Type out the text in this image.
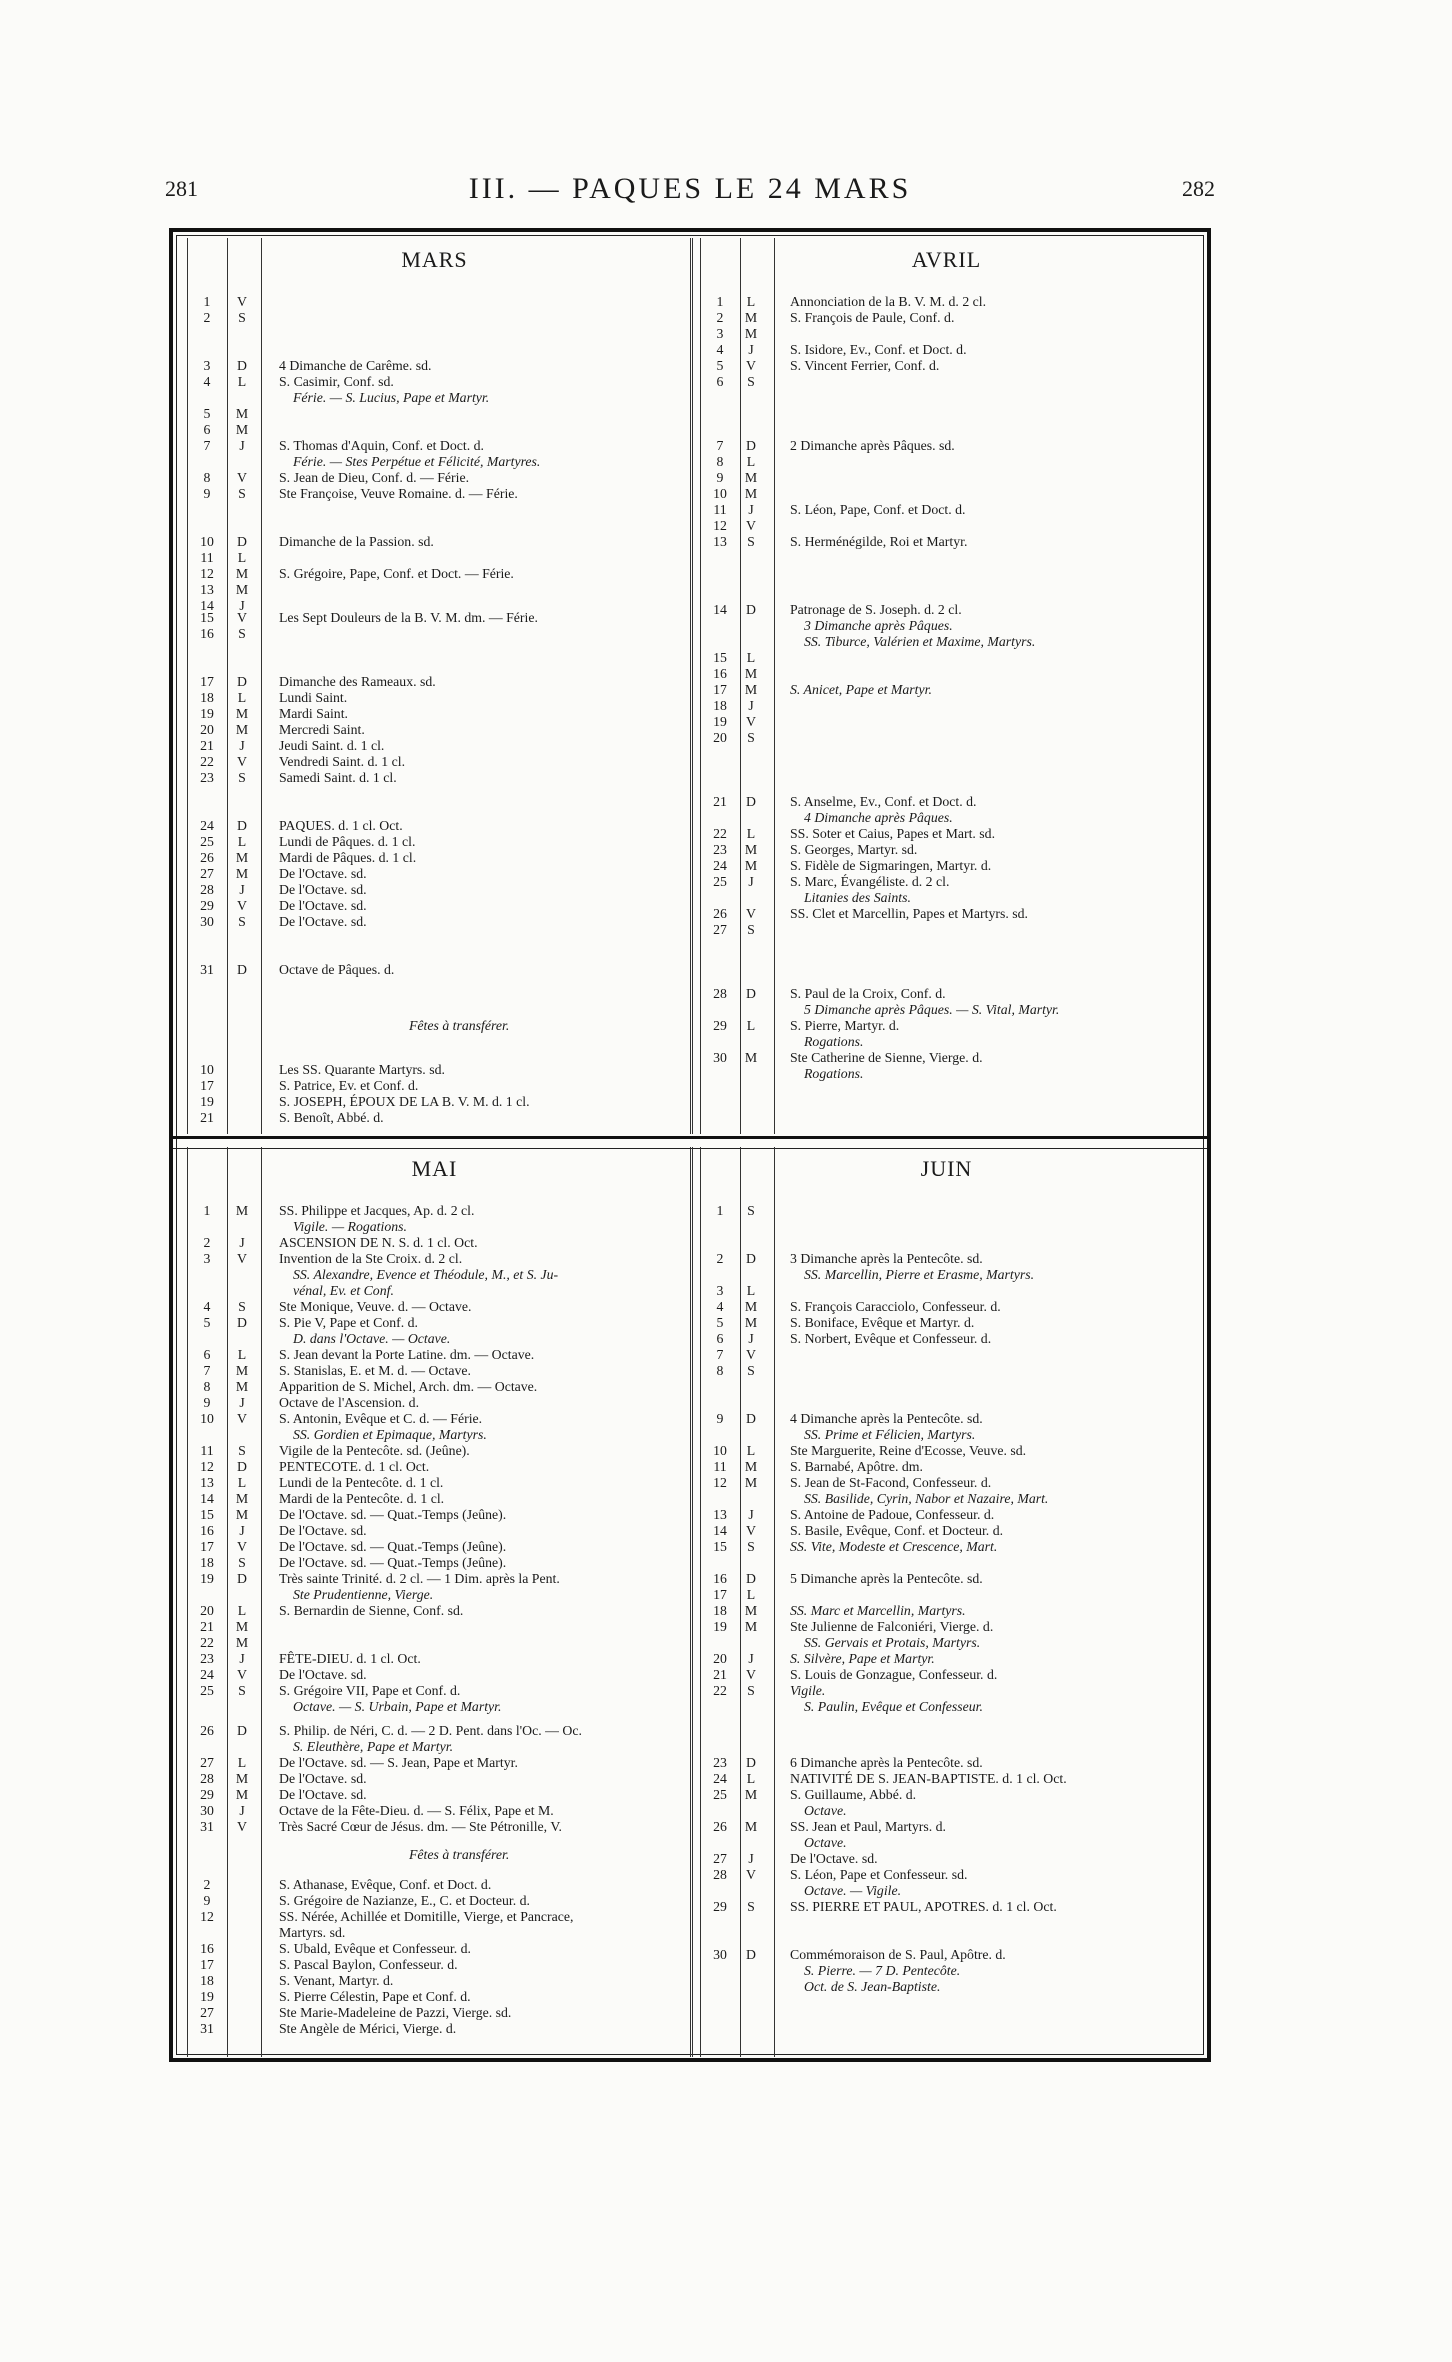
281	III. — PAQUES LE 24 MARS	282
MARS
Fêtes à transférer.
1	V
2	S
3	D	4 Dimanche de Carême. sd.
4	L	S. Casimir, Conf. sd.
Férie. — S. Lucius, Pape et Martyr.
5	M
6	M
7	J	S. Thomas d'Aquin, Conf. et Doct. d.
Férie. — Stes Perpétue et Félicité, Martyres.
8	V	S. Jean de Dieu, Conf. d. — Férie.
9	S	Ste Françoise, Veuve Romaine. d. — Férie.
10	D	Dimanche de la Passion. sd.
11	L
12	M	S. Grégoire, Pape, Conf. et Doct. — Férie.
13	M
14	J
15	V	Les Sept Douleurs de la B. V. M. dm. — Férie.
16	S
17	D	Dimanche des Rameaux. sd.
18	L	Lundi Saint.
19	M	Mardi Saint.
20	M	Mercredi Saint.
21	J	Jeudi Saint. d. 1 cl.
22	V	Vendredi Saint. d. 1 cl.
23	S	Samedi Saint. d. 1 cl.
24	D	PAQUES. d. 1 cl. Oct.
25	L	Lundi de Pâques. d. 1 cl.
26	M	Mardi de Pâques. d. 1 cl.
27	M	De l'Octave. sd.
28	J	De l'Octave. sd.
29	V	De l'Octave. sd.
30	S	De l'Octave. sd.
31	D	Octave de Pâques. d.
10	Les SS. Quarante Martyrs. sd.
17	S. Patrice, Ev. et Conf. d.
19	S. JOSEPH, ÉPOUX DE LA B. V. M. d. 1 cl.
21	S. Benoît, Abbé. d.
AVRIL
1	L	Annonciation de la B. V. M. d. 2 cl.
2	M	S. François de Paule, Conf. d.
3	M
4	J	S. Isidore, Ev., Conf. et Doct. d.
5	V	S. Vincent Ferrier, Conf. d.
6	S
7	D	2 Dimanche après Pâques. sd.
8	L
9	M
10	M
11	J	S. Léon, Pape, Conf. et Doct. d.
12	V
13	S	S. Herménégilde, Roi et Martyr.
14	D	Patronage de S. Joseph. d. 2 cl.
3 Dimanche après Pâques.
SS. Tiburce, Valérien et Maxime, Martyrs.
15	L
16	M
17	M	S. Anicet, Pape et Martyr.
18	J
19	V
20	S
21	D	S. Anselme, Ev., Conf. et Doct. d.
4 Dimanche après Pâques.
22	L	SS. Soter et Caius, Papes et Mart. sd.
23	M	S. Georges, Martyr. sd.
24	M	S. Fidèle de Sigmaringen, Martyr. d.
25	J	S. Marc, Évangéliste. d. 2 cl.
Litanies des Saints.
26	V	SS. Clet et Marcellin, Papes et Martyrs. sd.
27	S
28	D	S. Paul de la Croix, Conf. d.
5 Dimanche après Pâques. — S. Vital, Martyr.
29	L	S. Pierre, Martyr. d.
Rogations.
30	M	Ste Catherine de Sienne, Vierge. d.
Rogations.
MAI
Fêtes à transférer.
1	M	SS. Philippe et Jacques, Ap. d. 2 cl.
Vigile. — Rogations.
2	J	ASCENSION DE N. S. d. 1 cl. Oct.
3	V	Invention de la Ste Croix. d. 2 cl.
SS. Alexandre, Evence et Théodule, M., et S. Ju-
vénal, Ev. et Conf.
4	S	Ste Monique, Veuve. d. — Octave.
5	D	S. Pie V, Pape et Conf. d.
D. dans l'Octave. — Octave.
6	L	S. Jean devant la Porte Latine. dm. — Octave.
7	M	S. Stanislas, E. et M. d. — Octave.
8	M	Apparition de S. Michel, Arch. dm. — Octave.
9	J	Octave de l'Ascension. d.
10	V	S. Antonin, Evêque et C. d. — Férie.
SS. Gordien et Epimaque, Martyrs.
11	S	Vigile de la Pentecôte. sd. (Jeûne).
12	D	PENTECOTE. d. 1 cl. Oct.
13	L	Lundi de la Pentecôte. d. 1 cl.
14	M	Mardi de la Pentecôte. d. 1 cl.
15	M	De l'Octave. sd. — Quat.-Temps (Jeûne).
16	J	De l'Octave. sd.
17	V	De l'Octave. sd. — Quat.-Temps (Jeûne).
18	S	De l'Octave. sd. — Quat.-Temps (Jeûne).
19	D	Très sainte Trinité. d. 2 cl. — 1 Dim. après la Pent.
Ste Prudentienne, Vierge.
20	L	S. Bernardin de Sienne, Conf. sd.
21	M
22	M
23	J	FÊTE-DIEU. d. 1 cl. Oct.
24	V	De l'Octave. sd.
25	S	S. Grégoire VII, Pape et Conf. d.
Octave. — S. Urbain, Pape et Martyr.
26	D	S. Philip. de Néri, C. d. — 2 D. Pent. dans l'Oc. — Oc.
S. Eleuthère, Pape et Martyr.
27	L	De l'Octave. sd. — S. Jean, Pape et Martyr.
28	M	De l'Octave. sd.
29	M	De l'Octave. sd.
30	J	Octave de la Fête-Dieu. d. — S. Félix, Pape et M.
31	V	Très Sacré Cœur de Jésus. dm. — Ste Pétronille, V.
2	S. Athanase, Evêque, Conf. et Doct. d.
9	S. Grégoire de Nazianze, E., C. et Docteur. d.
12	SS. Nérée, Achillée et Domitille, Vierge, et Pancrace,
Martyrs. sd.
16	S. Ubald, Evêque et Confesseur. d.
17	S. Pascal Baylon, Confesseur. d.
18	S. Venant, Martyr. d.
19	S. Pierre Célestin, Pape et Conf. d.
27	Ste Marie-Madeleine de Pazzi, Vierge. sd.
31	Ste Angèle de Mérici, Vierge. d.
JUIN
1	S
2	D	3 Dimanche après la Pentecôte. sd.
SS. Marcellin, Pierre et Erasme, Martyrs.
3	L
4	M	S. François Caracciolo, Confesseur. d.
5	M	S. Boniface, Evêque et Martyr. d.
6	J	S. Norbert, Evêque et Confesseur. d.
7	V
8	S
9	D	4 Dimanche après la Pentecôte. sd.
SS. Prime et Félicien, Martyrs.
10	L	Ste Marguerite, Reine d'Ecosse, Veuve. sd.
11	M	S. Barnabé, Apôtre. dm.
12	M	S. Jean de St-Facond, Confesseur. d.
SS. Basilide, Cyrin, Nabor et Nazaire, Mart.
13	J	S. Antoine de Padoue, Confesseur. d.
14	V	S. Basile, Evêque, Conf. et Docteur. d.
15	S	SS. Vite, Modeste et Crescence, Mart.
16	D	5 Dimanche après la Pentecôte. sd.
17	L
18	M	SS. Marc et Marcellin, Martyrs.
19	M	Ste Julienne de Falconiéri, Vierge. d.
SS. Gervais et Protais, Martyrs.
20	J	S. Silvère, Pape et Martyr.
21	V	S. Louis de Gonzague, Confesseur. d.
22	S	Vigile.
S. Paulin, Evêque et Confesseur.
23	D	6 Dimanche après la Pentecôte. sd.
24	L	NATIVITÉ DE S. JEAN-BAPTISTE. d. 1 cl. Oct.
25	M	S. Guillaume, Abbé. d.
Octave.
26	M	SS. Jean et Paul, Martyrs. d.
Octave.
27	J	De l'Octave. sd.
28	V	S. Léon, Pape et Confesseur. sd.
Octave. — Vigile.
29	S	SS. PIERRE ET PAUL, APOTRES. d. 1 cl. Oct.
30	D	Commémoraison de S. Paul, Apôtre. d.
S. Pierre. — 7 D. Pentecôte.
Oct. de S. Jean-Baptiste.
